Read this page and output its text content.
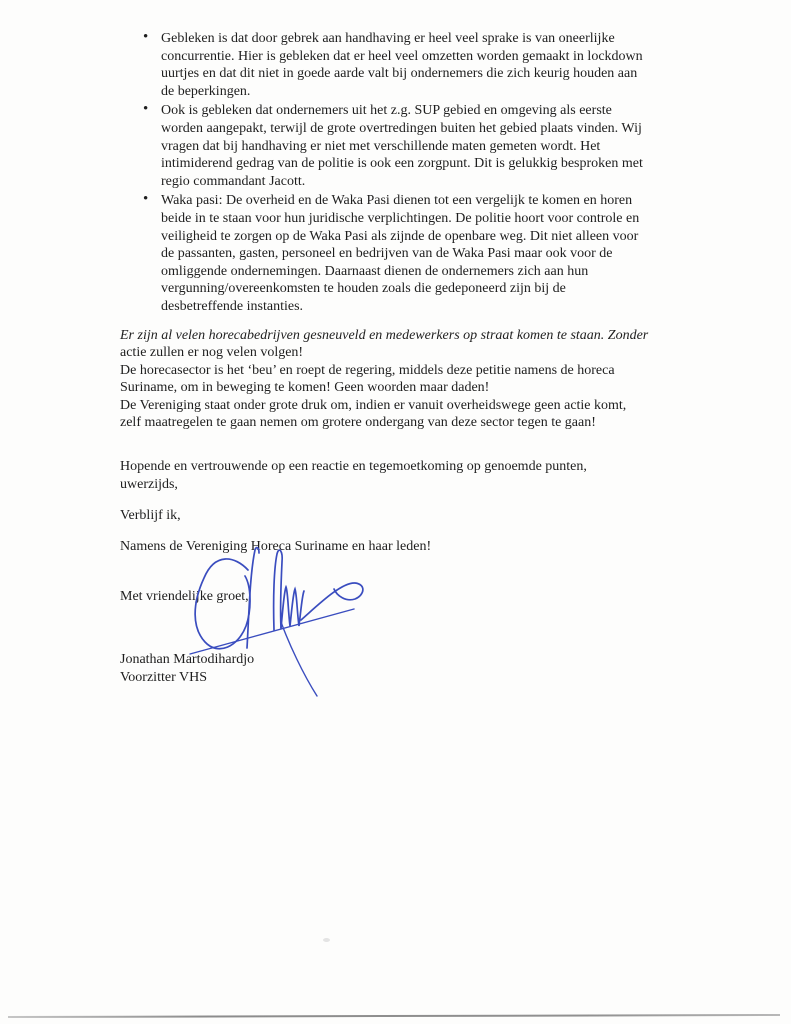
• Gebleken is dat door gebrek aan handhaving er heel veel sprake is van oneerlijke
concurrentie. Hier is gebleken dat er heel veel omzetten worden gemaakt in lockdown
uurtjes en dat dit niet in goede aarde valt bij ondernemers die zich keurig houden aan
de beperkingen.
• Ook is gebleken dat ondernemers uit het z.g. SUP gebied en omgeving als eerste
worden aangepakt, terwijl de grote overtredingen buiten het gebied plaats vinden. Wij
vragen dat bij handhaving er niet met verschillende maten gemeten wordt. Het
intimiderend gedrag van de politie is ook een zorgpunt. Dit is gelukkig besproken met
regio commandant Jacott.
• Waka pasi: De overheid en de Waka Pasi dienen tot een vergelijk te komen en horen
beide in te staan voor hun juridische verplichtingen. De politie hoort voor controle en
veiligheid te zorgen op de Waka Pasi als zijnde de openbare weg. Dit niet alleen voor
de passanten, gasten, personeel en bedrijven van de Waka Pasi maar ook voor de
omliggende ondernemingen. Daarnaast dienen de ondernemers zich aan hun
vergunning/overeenkomsten te houden zoals die gedeponeerd zijn bij de
desbetreffende instanties.
Er zijn al velen horecabedrijven gesneuveld en medewerkers op straat komen te staan. Zonder
actie zullen er nog velen volgen!
De horecasector is het ‘beu’ en roept de regering, middels deze petitie namens de horeca
Suriname, om in beweging te komen! Geen woorden maar daden!
De Vereniging staat onder grote druk om, indien er vanuit overheidswege geen actie komt,
zelf maatregelen te gaan nemen om grotere ondergang van deze sector tegen te gaan!
Hopende en vertrouwende op een reactie en tegemoetkoming op genoemde punten,
uwerzijds,
Verblijf ik,
Namens de Vereniging Horeca Suriname en haar leden!
Met vriendelijke groet,
Jonathan Martodihardjo
Voorzitter VHS
